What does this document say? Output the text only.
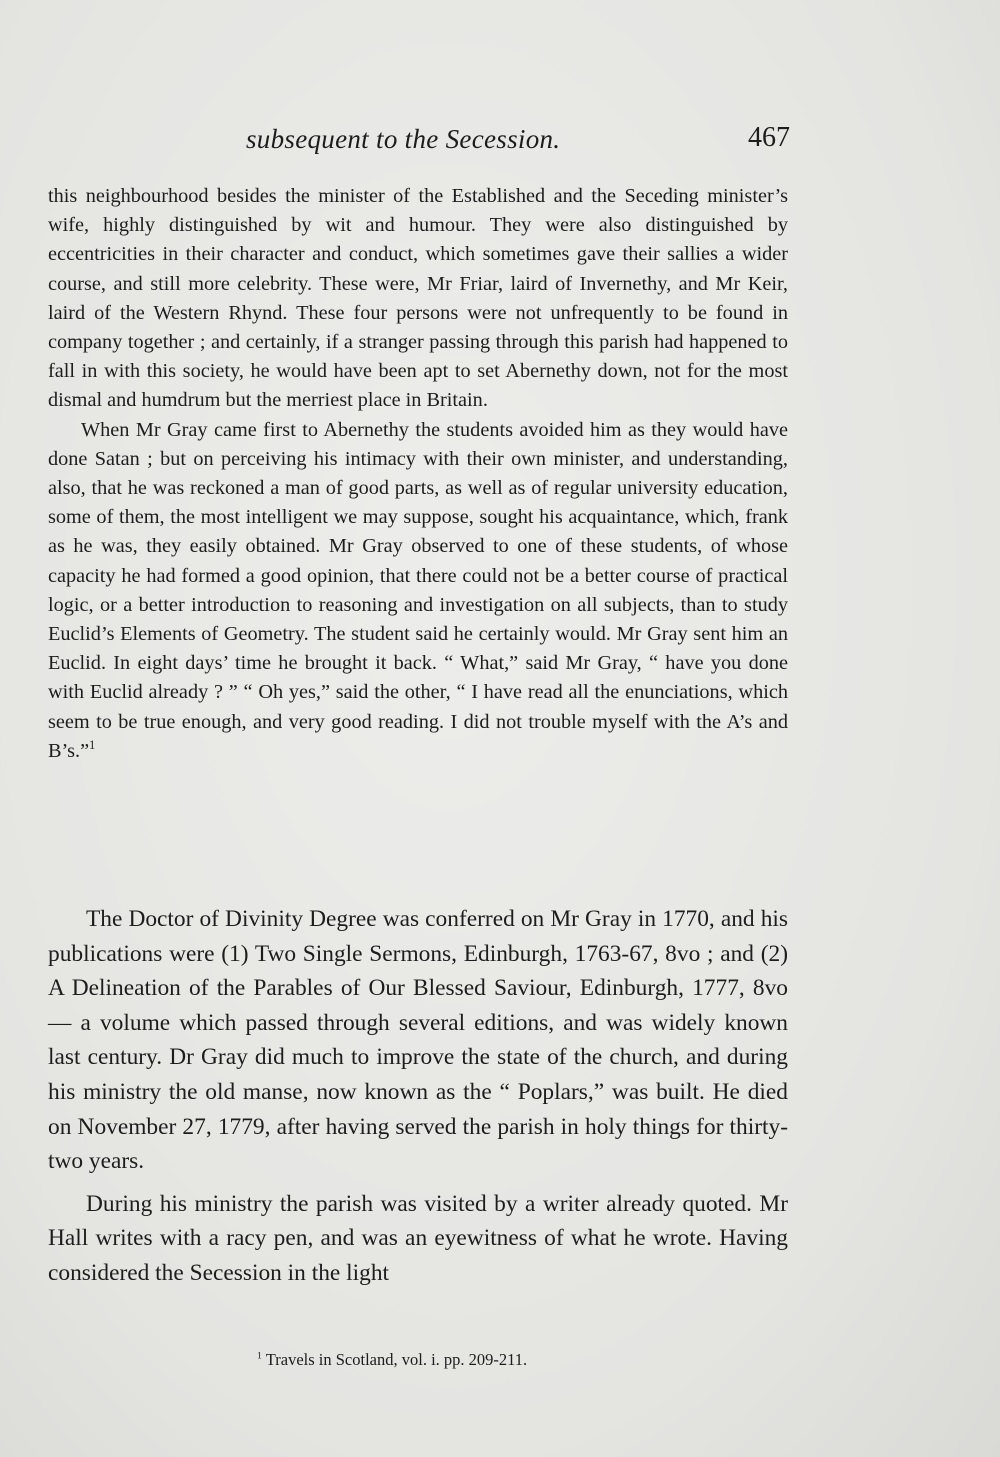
subsequent to the Secession.	467

this neighbourhood besides the minister of the Established and the Seceding minister’s wife, highly distinguished by wit and humour. They were also distinguished by eccentricities in their character and conduct, which sometimes gave their sallies a wider course, and still more celebrity. These were, Mr Friar, laird of Invernethy, and Mr Keir, laird of the Western Rhynd. These four persons were not unfrequently to be found in company together ; and certainly, if a stranger passing through this parish had happened to fall in with this society, he would have been apt to set Abernethy down, not for the most dismal and humdrum but the merriest place in Britain.

When Mr Gray came first to Abernethy the students avoided him as they would have done Satan ; but on perceiving his intimacy with their own minister, and understanding, also, that he was reckoned a man of good parts, as well as of regular university education, some of them, the most intelligent we may suppose, sought his acquaintance, which, frank as he was, they easily obtained. Mr Gray observed to one of these students, of whose capacity he had formed a good opinion, that there could not be a better course of practical logic, or a better introduction to reasoning and investigation on all subjects, than to study Euclid’s Elements of Geometry. The student said he certainly would. Mr Gray sent him an Euclid. In eight days’ time he brought it back. “ What,” said Mr Gray, “ have you done with Euclid already ? ” “ Oh yes,” said the other, “ I have read all the enunciations, which seem to be true enough, and very good reading. I did not trouble myself with the A’s and B’s.”$^1$

The Doctor of Divinity Degree was conferred on Mr Gray in 1770, and his publications were (1) Two Single Sermons, Edinburgh, 1763-67, 8vo ; and (2) A Delineation of the Parables of Our Blessed Saviour, Edinburgh, 1777, 8vo — a volume which passed through several editions, and was widely known last century. Dr Gray did much to improve the state of the church, and during his ministry the old manse, now known as the “ Poplars,” was built. He died on November 27, 1779, after having served the parish in holy things for thirty-two years.

During his ministry the parish was visited by a writer already quoted. Mr Hall writes with a racy pen, and was an eyewitness of what he wrote. Having considered the Secession in the light

$^1$ Travels in Scotland, vol. i. pp. 209-211.
